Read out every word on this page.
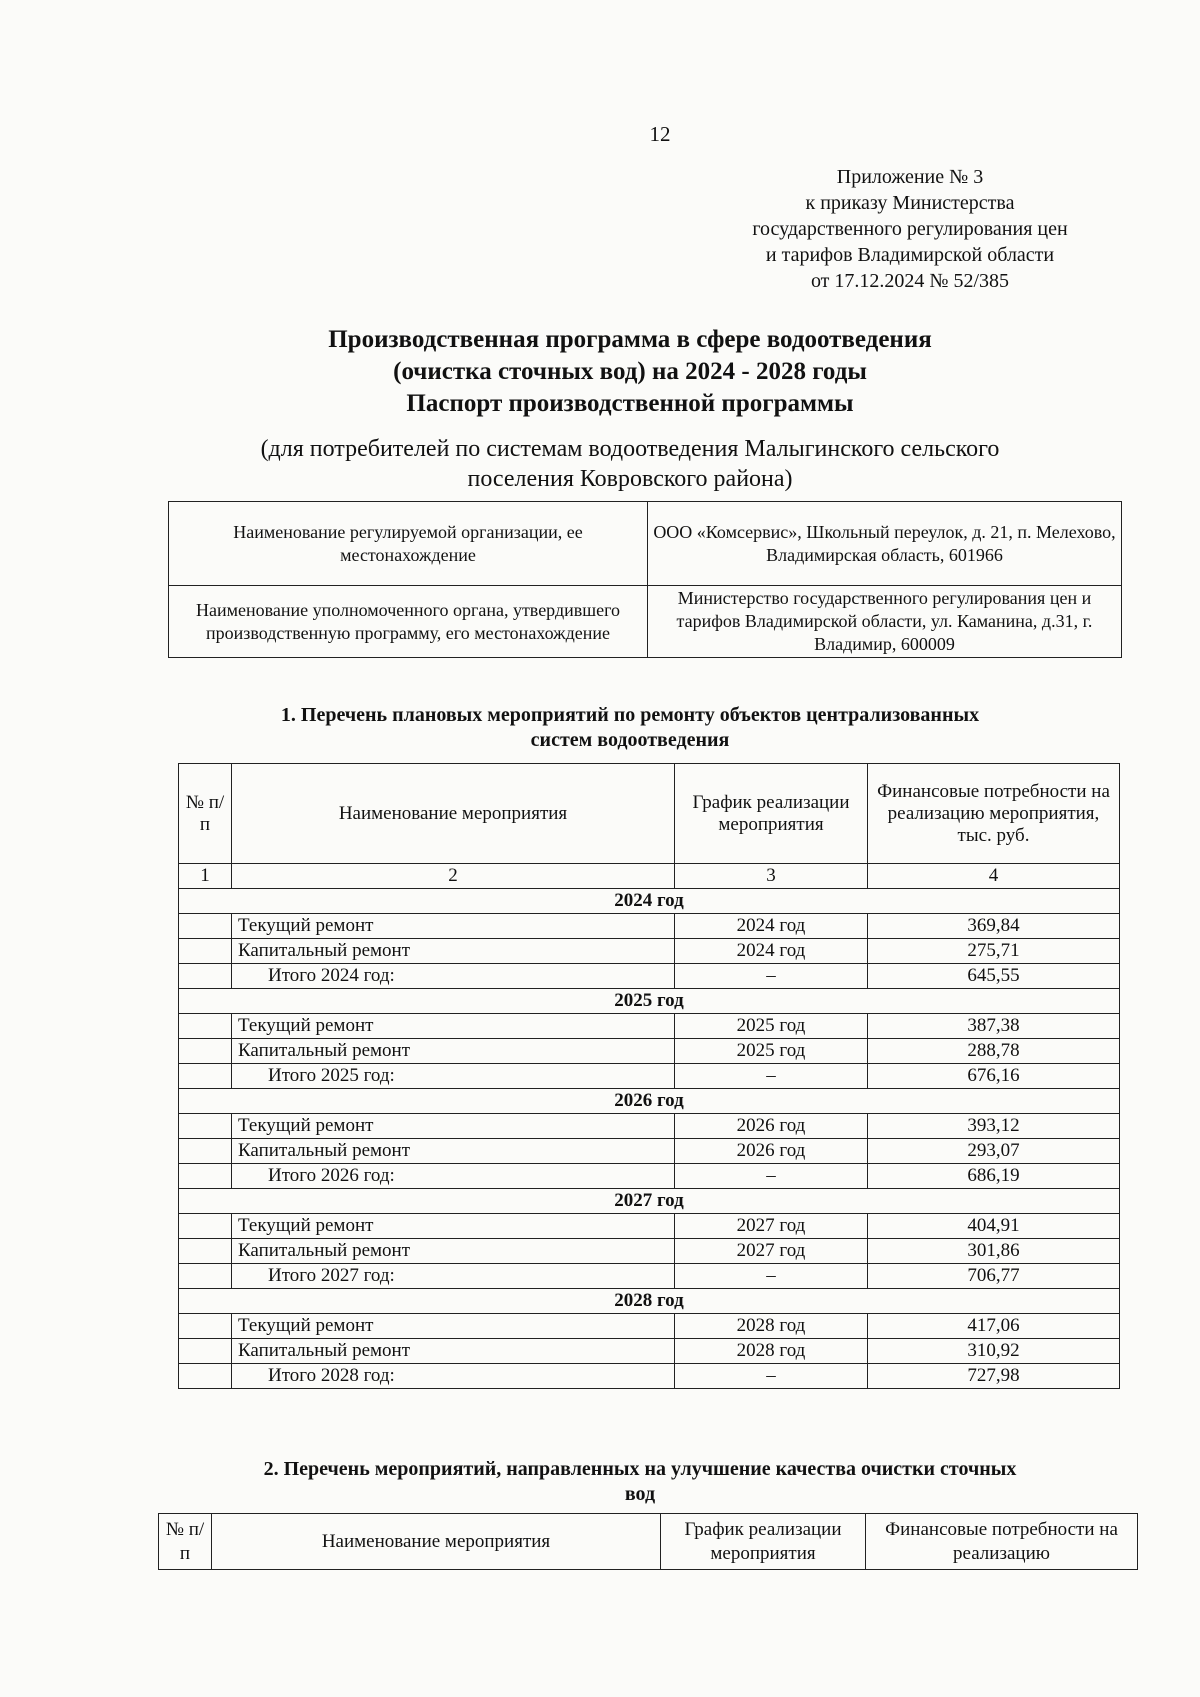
12
Приложение № 3
к приказу Министерства
государственного регулирования цен
и тарифов Владимирской области
от 17.12.2024 № 52/385
Производственная программа в сфере водоотведения
(очистка сточных вод) на 2024 - 2028 годы
Паспорт производственной программы
(для потребителей по системам водоотведения Малыгинского сельского
поселения Ковровского района)
Наименование регулируемой организации, ее местонахождение	ООО «Комсервис», Школьный переулок, д. 21, п. Мелехово, Владимирская область, 601966
Наименование уполномоченного органа, утвердившего производственную программу, его местонахождение	Министерство государственного регулирования цен и тарифов Владимирской области, ул. Каманина, д.31, г. Владимир, 600009
1. Перечень плановых мероприятий по ремонту объектов централизованных
систем водоотведения
№ п/п	Наименование мероприятия	График реализации мероприятия	Финансовые потребности на реализацию мероприятия, тыс. руб.
1	2	3	4
2024 год			
	Текущий ремонт	2024 год	369,84
	Капитальный ремонт	2024 год	275,71
	Итого 2024 год:	–	645,55
2025 год			
	Текущий ремонт	2025 год	387,38
	Капитальный ремонт	2025 год	288,78
	Итого 2025 год:	–	676,16
2026 год			
	Текущий ремонт	2026 год	393,12
	Капитальный ремонт	2026 год	293,07
	Итого 2026 год:	–	686,19
2027 год			
	Текущий ремонт	2027 год	404,91
	Капитальный ремонт	2027 год	301,86
	Итого 2027 год:	–	706,77
2028 год			
	Текущий ремонт	2028 год	417,06
	Капитальный ремонт	2028 год	310,92
	Итого 2028 год:	–	727,98
2. Перечень мероприятий, направленных на улучшение качества очистки сточных
вод
№ п/п	Наименование мероприятия	График реализации мероприятия	Финансовые потребности на реализацию
